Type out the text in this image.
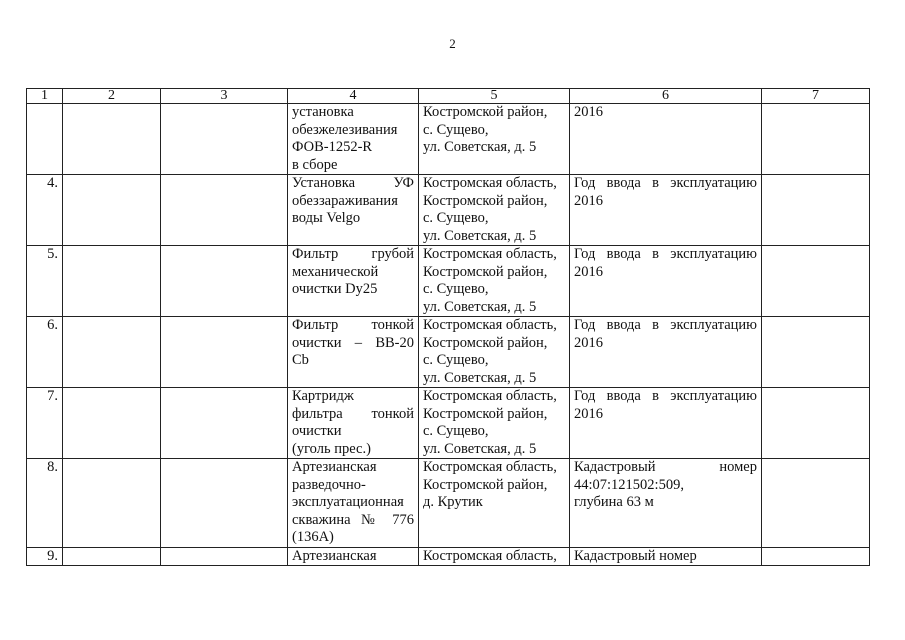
2
1	2	3	4	5	6	7

			установка
обезжелезивания
ФОВ-1252-R
в сборе	Костромской район,
с. Сущево,
ул. Советская, д. 5	2016	

4.			Установка УФ
обеззараживания
воды Velgo	Костромская область,
Костромской район,
с. Сущево,
ул. Советская, д. 5	Год ввода в эксплуатацию
2016	

5.			Фильтр грубой
механической
очистки Dy25	Костромская область,
Костромской район,
с. Сущево,
ул. Советская, д. 5	Год ввода в эксплуатацию
2016	

6.			Фильтр тонкой
очистки – ВВ-20
Cb	Костромская область,
Костромской район,
с. Сущево,
ул. Советская, д. 5	Год ввода в эксплуатацию
2016	

7.			Картридж
фильтра тонкой
очистки
(уголь прес.)	Костромская область,
Костромской район,
с. Сущево,
ул. Советская, д. 5	Год ввода в эксплуатацию
2016	

8.			Артезианская
разведочно-
эксплуатационная
скважина № 776
(136А)	Костромская область,
Костромской район,
д. Крутик	Кадастровый номер
44:07:121502:509,
глубина 63 м	

9.			Артезианская	Костромская область,	Кадастровый номер	
